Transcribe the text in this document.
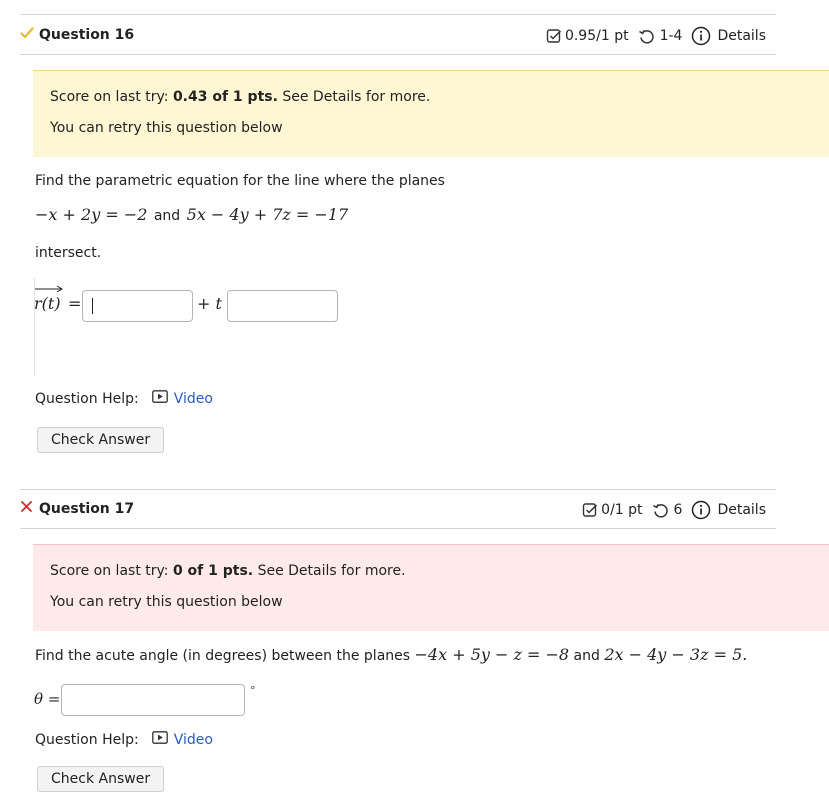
Question 16	0.95/1 pt 1-4	Details
Score on last try: 0.43 of 1 pts. See Details for more.
You can retry this question below
Find the parametric equation for the line where the planes
−x + 2y = −2 and 5x − 4y + 7z = −17
intersect.
r(t) =	+ t
Question Help:	Video
Check Answer
Question 17	0/1 pt 6	Details
Score on last try: 0 of 1 pts. See Details for more.
You can retry this question below
Find the acute angle (in degrees) between the planes −4x + 5y − z = −8 and 2x − 4y − 3z = 5.
θ =	°
Question Help:	Video
Check Answer
